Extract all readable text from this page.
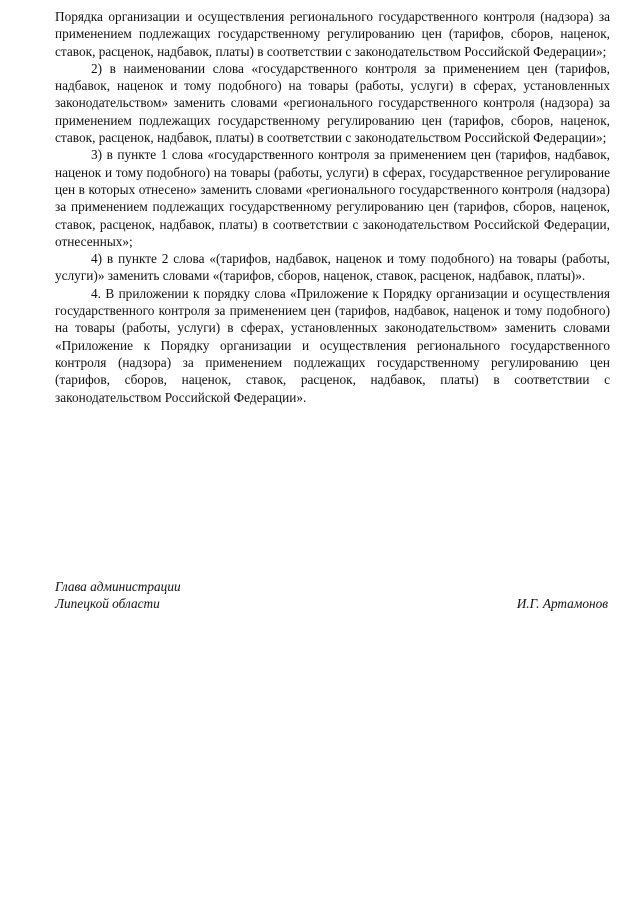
Порядка организации и осуществления регионального государственного контроля (надзора) за применением подлежащих государственному регулированию цен (тарифов, сборов, наценок, ставок, расценок, надбавок, платы) в соответствии с законодательством Российской Федерации»;

2) в наименовании слова «государственного контроля за применением цен (тарифов, надбавок, наценок и тому подобного) на товары (работы, услуги) в сферах, установленных законодательством» заменить словами «регионального государственного контроля (надзора) за применением подлежащих государственному регулированию цен (тарифов, сборов, наценок, ставок, расценок, надбавок, платы) в соответствии с законодательством Российской Федерации»;

3) в пункте 1 слова «государственного контроля за применением цен (тарифов, надбавок, наценок и тому подобного) на товары (работы, услуги) в сферах, государственное регулирование цен в которых отнесено» заменить словами «регионального государственного контроля (надзора) за применением подлежащих государственному регулированию цен (тарифов, сборов, наценок, ставок, расценок, надбавок, платы) в соответствии с законодательством Российской Федерации, отнесенных»;

4) в пункте 2 слова «(тарифов, надбавок, наценок и тому подобного) на товары (работы, услуги)» заменить словами «(тарифов, сборов, наценок, ставок, расценок, надбавок, платы)».

4. В приложении к порядку слова «Приложение к Порядку организации и осуществления государственного контроля за применением цен (тарифов, надбавок, наценок и тому подобного) на товары (работы, услуги) в сферах, установленных законодательством» заменить словами «Приложение к Порядку организации и осуществления регионального государственного контроля (надзора) за применением подлежащих государственному регулированию цен (тарифов, сборов, наценок, ставок, расценок, надбавок, платы) в соответствии с законодательством Российской Федерации».

Глава администрации
Липецкой области	И.Г. Артамонов
